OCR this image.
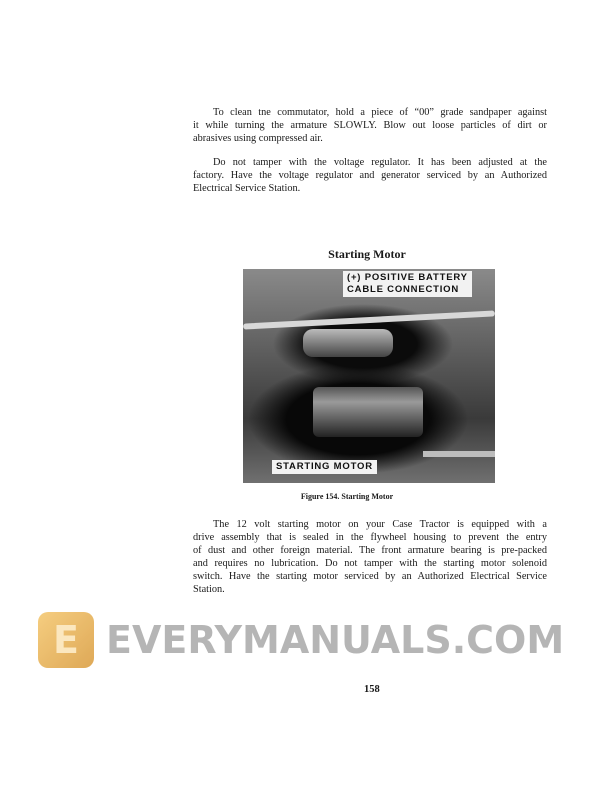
To clean tne commutator, hold a piece of “00” grade sandpaper against
it while turning the armature SLOWLY. Blow out loose particles of dirt or
abrasives using compressed air.
Do not tamper with the voltage regulator. It has been adjusted at the
factory. Have the voltage regulator and generator serviced by an Authorized
Electrical Service Station.
Starting Motor
(+) POSITIVE BATTERY
CABLE CONNECTION
STARTING MOTOR
Figure 154. Starting Motor
The 12 volt starting motor on your Case Tractor is equipped with a
drive assembly that is sealed in the flywheel housing to prevent the entry
of dust and other foreign material. The front armature bearing is pre-packed
and requires no lubrication. Do not tamper with the starting motor solenoid
switch. Have the starting motor serviced by an Authorized Electrical Service
Station.
E EVERYMANUALS.COM
158
